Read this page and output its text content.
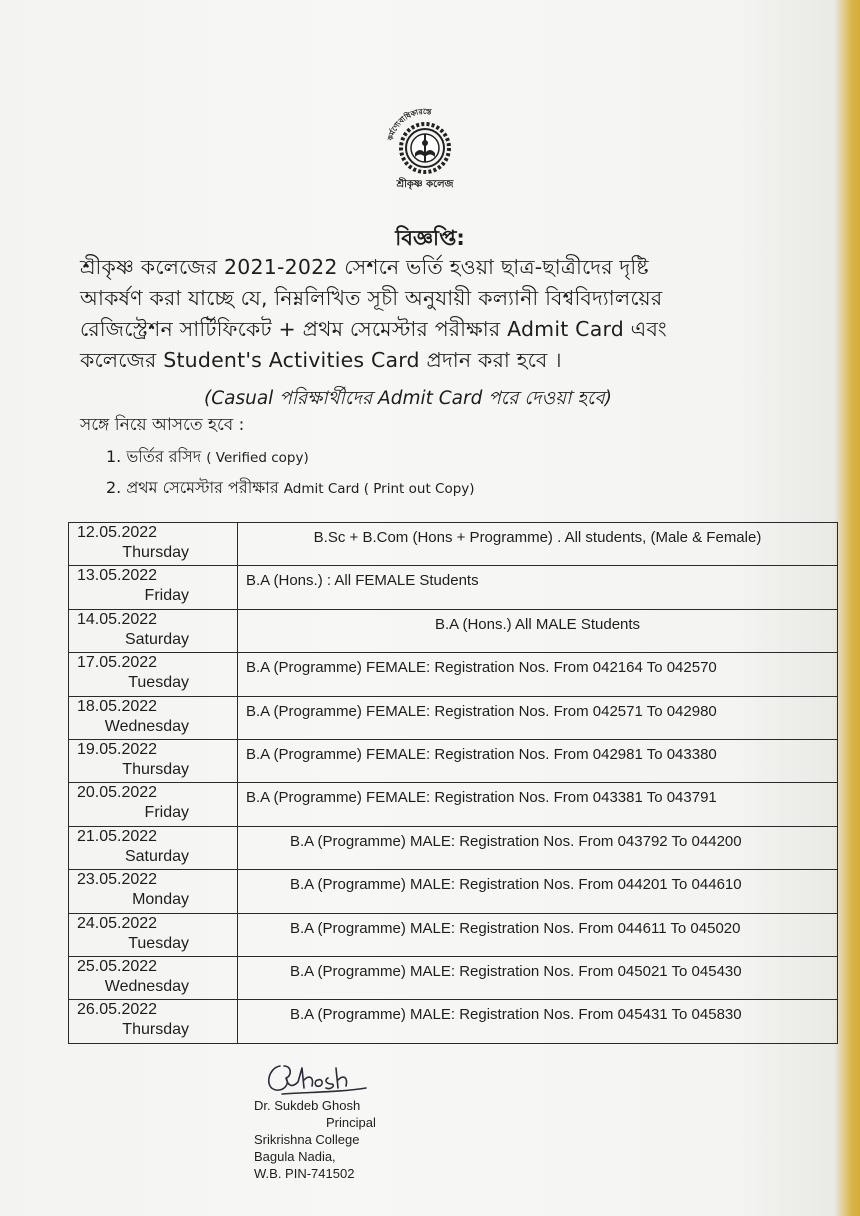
কর্মণ্যেবাধিকারস্তে
শ্রীকৃষ্ণ কলেজ
বিজ্ঞপ্তি:
শ্রীকৃষ্ণ কলেজের 2021-2022 সেশনে ভর্তি হওয়া ছাত্র-ছাত্রীদের দৃষ্টি
আকর্ষণ করা যাচ্ছে যে, নিম্নলিখিত সূচী অনুযায়ী কল্যানী বিশ্ববিদ্যালয়ের
রেজিস্ট্রেশন সার্টিফিকেট + প্রথম সেমেস্টার পরীক্ষার Admit Card এবং
কলেজের Student's Activities Card প্রদান করা হবে ।
(Casual পরিক্ষার্থীদের Admit Card পরে দেওয়া হবে)
সঙ্গে নিয়ে আসতে হবে :
1. ভর্তির রসিদ ( Verified copy)
2. প্রথম সেমেস্টার পরীক্ষার Admit Card ( Print out Copy)
12.05.2022
Thursday	B.Sc + B.Com (Hons + Programme) . All students, (Male & Female)

13.05.2022
Friday	B.A (Hons.) : All FEMALE Students

14.05.2022
Saturday	B.A (Hons.) All MALE Students

17.05.2022
Tuesday	B.A (Programme) FEMALE: Registration Nos. From 042164 To 042570

18.05.2022
Wednesday	B.A (Programme) FEMALE: Registration Nos. From 042571 To 042980

19.05.2022
Thursday	B.A (Programme) FEMALE: Registration Nos. From 042981 To 043380

20.05.2022
Friday	B.A (Programme) FEMALE: Registration Nos. From 043381 To 043791

21.05.2022
Saturday	B.A (Programme) MALE: Registration Nos. From 043792 To 044200

23.05.2022
Monday	B.A (Programme) MALE: Registration Nos. From 044201 To 044610

24.05.2022
Tuesday	B.A (Programme) MALE: Registration Nos. From 044611 To 045020

25.05.2022
Wednesday	B.A (Programme) MALE: Registration Nos. From 045021 To 045430

26.05.2022
Thursday	B.A (Programme) MALE: Registration Nos. From 045431 To 045830
Dr. Sukdeb Ghosh
Principal
Srikrishna College
Bagula Nadia,
W.B. PIN-741502
